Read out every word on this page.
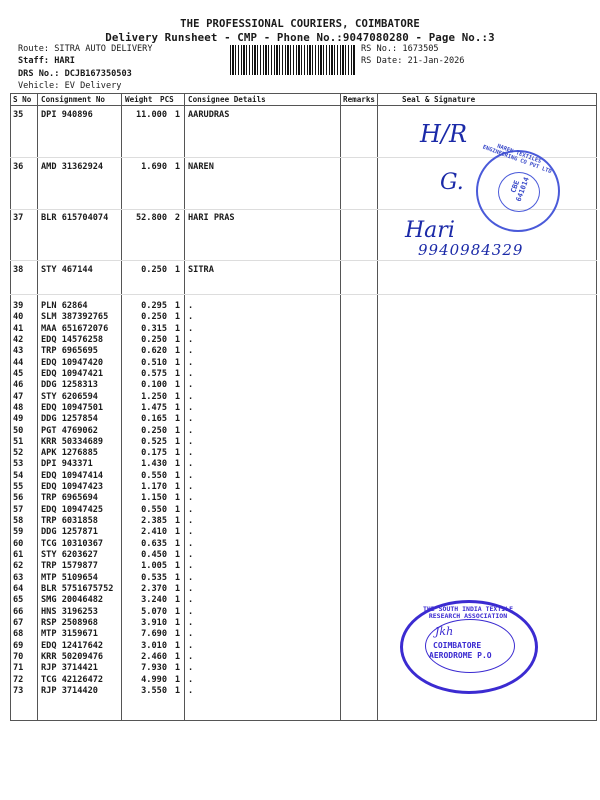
THE PROFESSIONAL COURIERS, COIMBATORE
Delivery Runsheet - CMP - Phone No.:9047080280 - Page No.:3
Route: SITRA AUTO DELIVERY
Staff: HARI
DRS No.: DCJB167350503
Vehicle: EV Delivery
RS No.: 1673505
RS Date: 21-Jan-2026
S No Consignment No	Weight PCS Consignee Details	Remarks	Seal & Signature
35 DPI 940896	11.000 1 AARUDRAS
36 AMD 31362924	1.690 1 NAREN
37 BLR 615704074	52.800 2 HARI PRAS
38 STY 467144	0.250 1 SITRA
39 PLN 62864	0.295 1 .
40 SLM 387392765	0.250 1 .
41 MAA 651672076	0.315 1 .
42 EDQ 14576258	0.250 1 .
43 TRP 6965695	0.620 1 .
44 EDQ 10947420	0.510 1 .
45 EDQ 10947421	0.575 1 .
46 DDG 1258313	0.100 1 .
47 STY 6206594	1.250 1 .
48 EDQ 10947501	1.475 1 .
49 DDG 1257854	0.165 1 .
50 PGT 4769062	0.250 1 .
51 KRR 50334689	0.525 1 .
52 APK 1276885	0.175 1 .
53 DPI 943371	1.430 1 .
54 EDQ 10947414	0.550 1 .
55 EDQ 10947423	1.170 1 .
56 TRP 6965694	1.150 1 .
57 EDQ 10947425	0.550 1 .
58 TRP 6031858	2.385 1 .
59 DDG 1257871	2.410 1 .
60 TCG 10310367	0.635 1 .
61 STY 6203627	0.450 1 .
62 TRP 1579877	1.005 1 .
63 MTP 5109654	0.535 1 .
64 BLR 5751675752	2.370 1 .
65 SMG 20046482	3.240 1 .
66 HNS 3196253	5.070 1 .
67 RSP 2508968	3.910 1 .
68 MTP 3159671	7.690 1 .
69 EDQ 12417642	3.010 1 .
70 KRR 50209476	2.460 1 .
71 RJP 3714421	7.930 1 .
72 TCG 42126472	4.990 1 .
73 RJP 3714420	3.550 1 .
H/R
G.
Hari
9940984329
NAREN TEXTILES ENGINEERING CO PVT LTD
CBE 641014
THE SOUTH INDIA TEXTILE RESEARCH ASSOCIATION
Jkh
COIMBATORE
AERODROME P.O
